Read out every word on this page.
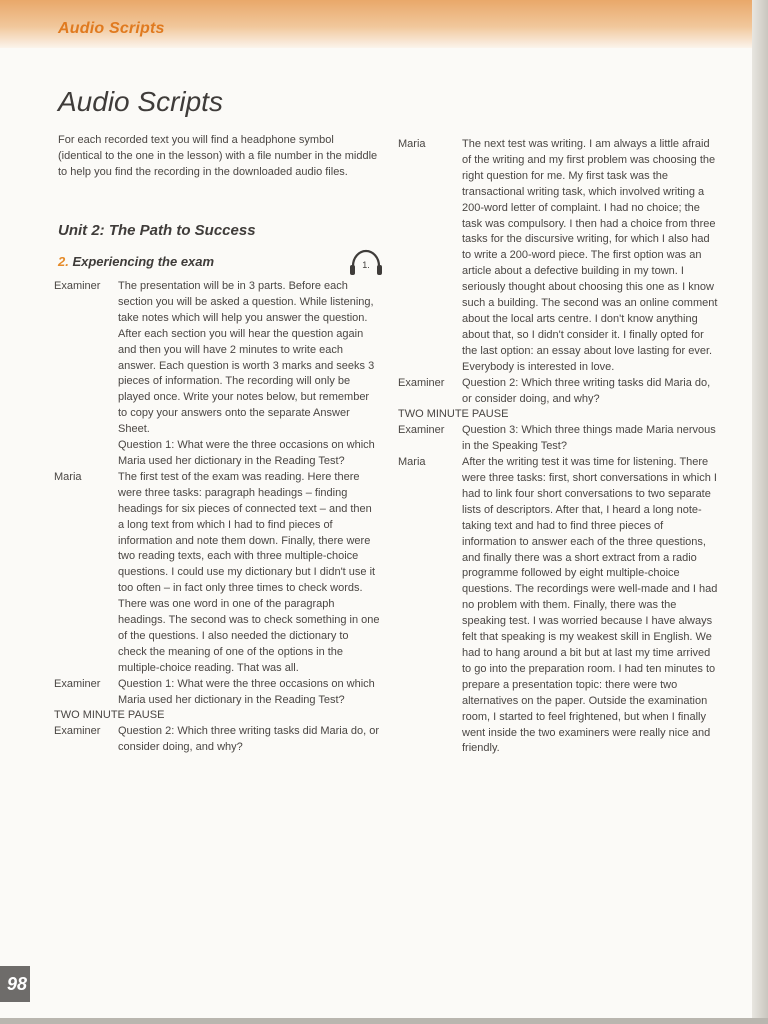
Audio Scripts
Audio Scripts
For each recorded text you will find a headphone symbol (identical to the one in the lesson) with a file number in the middle to help you find the recording in the downloaded audio files.
Unit 2: The Path to Success
2. Experiencing the exam	1.
Examiner	The presentation will be in 3 parts. Before each section you will be asked a question. While listening, take notes which will help you answer the question. After each section you will hear the question again and then you will have 2 minutes to write each answer. Each question is worth 3 marks and seeks 3 pieces of information. The recording will only be played once. Write your notes below, but remember to copy your answers onto the separate Answer Sheet.

Question 1: What were the three occasions on which Maria used her dictionary in the Reading Test?

Maria	The first test of the exam was reading. Here there were three tasks: paragraph headings – finding headings for six pieces of connected text – and then a long text from which I had to find pieces of information and note them down. Finally, there were two reading texts, each with three multiple-choice questions. I could use my dictionary but I didn't use it too often – in fact only three times to check words. There was one word in one of the paragraph headings. The second was to check something in one of the questions. I also needed the dictionary to check the meaning of one of the options in the multiple-choice reading. That was all.
Examiner	Question 1: What were the three occasions on which Maria used her dictionary in the Reading Test?
TWO MINUTE PAUSE
Examiner	Question 2: Which three writing tasks did Maria do, or consider doing, and why?
Maria	The next test was writing. I am always a little afraid of the writing and my first problem was choosing the right question for me. My first task was the transactional writing task, which involved writing a 200-word letter of complaint. I had no choice; the task was compulsory. I then had a choice from three tasks for the discursive writing, for which I also had to write a 200-word piece. The first option was an article about a defective building in my town. I seriously thought about choosing this one as I know such a building. The second was an online comment about the local arts centre. I don't know anything about that, so I didn't consider it. I finally opted for the last option: an essay about love lasting for ever. Everybody is interested in love.
Examiner	Question 2: Which three writing tasks did Maria do, or consider doing, and why?
TWO MINUTE PAUSE
Examiner	Question 3: Which three things made Maria nervous in the Speaking Test?
Maria	After the writing test it was time for listening. There were three tasks: first, short conversations in which I had to link four short conversations to two separate lists of descriptors. After that, I heard a long note-taking text and had to find three pieces of information to answer each of the three questions, and finally there was a short extract from a radio programme followed by eight multiple-choice questions. The recordings were well-made and I had no problem with them. Finally, there was the speaking test. I was worried because I have always felt that speaking is my weakest skill in English. We had to hang around a bit but at last my time arrived to go into the preparation room. I had ten minutes to prepare a presentation topic: there were two alternatives on the paper. Outside the examination room, I started to feel frightened, but when I finally went inside the two examiners were really nice and friendly.
98
